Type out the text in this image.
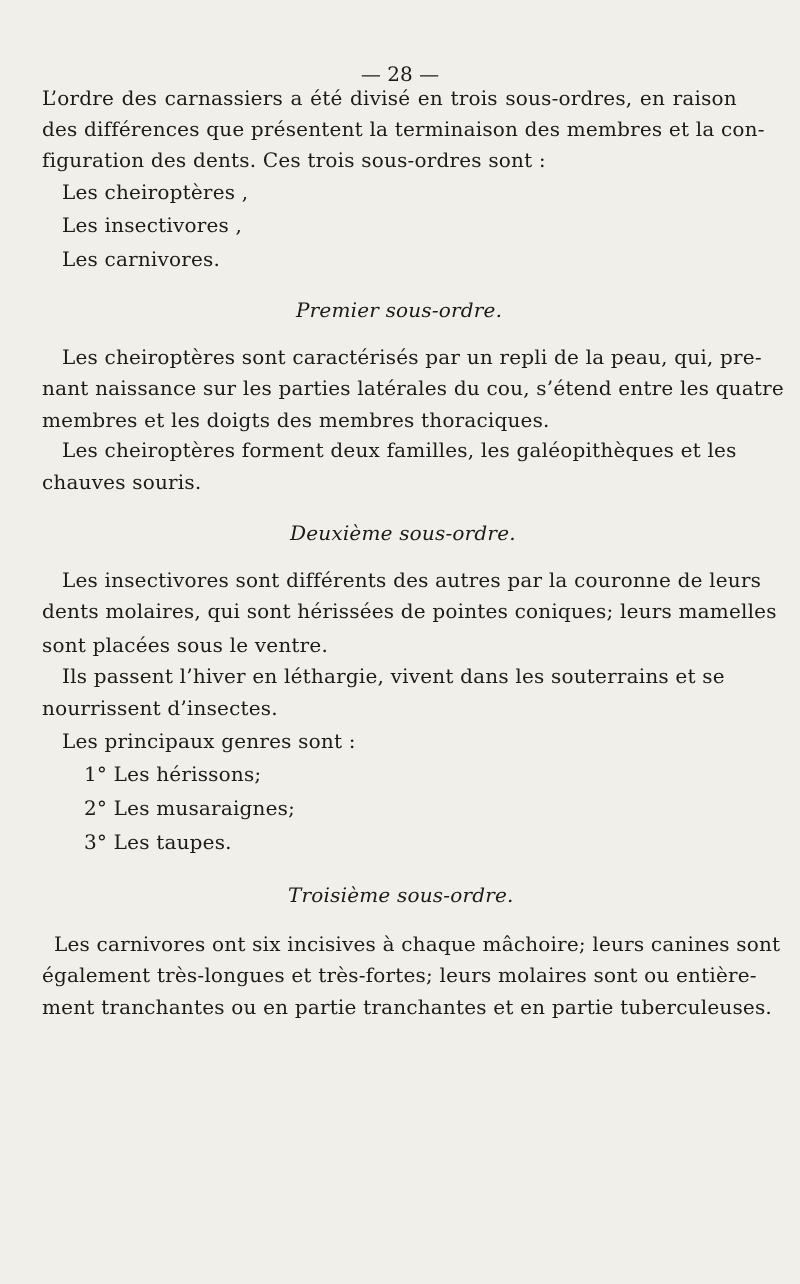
— 28 —
L’ordre des carnassiers a été divisé en trois sous-ordres, en raison
des différences que présentent la terminaison des membres et la con-
figuration des dents. Ces trois sous-ordres sont :
Les cheiroptères ,
Les insectivores ,
Les carnivores.
Premier sous-ordre.
Les cheiroptères sont caractérisés par un repli de la peau, qui, pre-
nant naissance sur les parties latérales du cou, s’étend entre les quatre
membres et les doigts des membres thoraciques.
Les cheiroptères forment deux familles, les galéopithèques et les
chauves souris.
Deuxième sous-ordre.
Les insectivores sont différents des autres par la couronne de leurs
dents molaires, qui sont hérissées de pointes coniques; leurs mamelles
sont placées sous le ventre.
Ils passent l’hiver en léthargie, vivent dans les souterrains et se
nourrissent d’insectes.
Les principaux genres sont :
1° Les hérissons;
2° Les musaraignes;
3° Les taupes.
Troisième sous-ordre.
Les carnivores ont six incisives à chaque mâchoire; leurs canines sont
également très-longues et très-fortes; leurs molaires sont ou entière-
ment tranchantes ou en partie tranchantes et en partie tuberculeuses.
